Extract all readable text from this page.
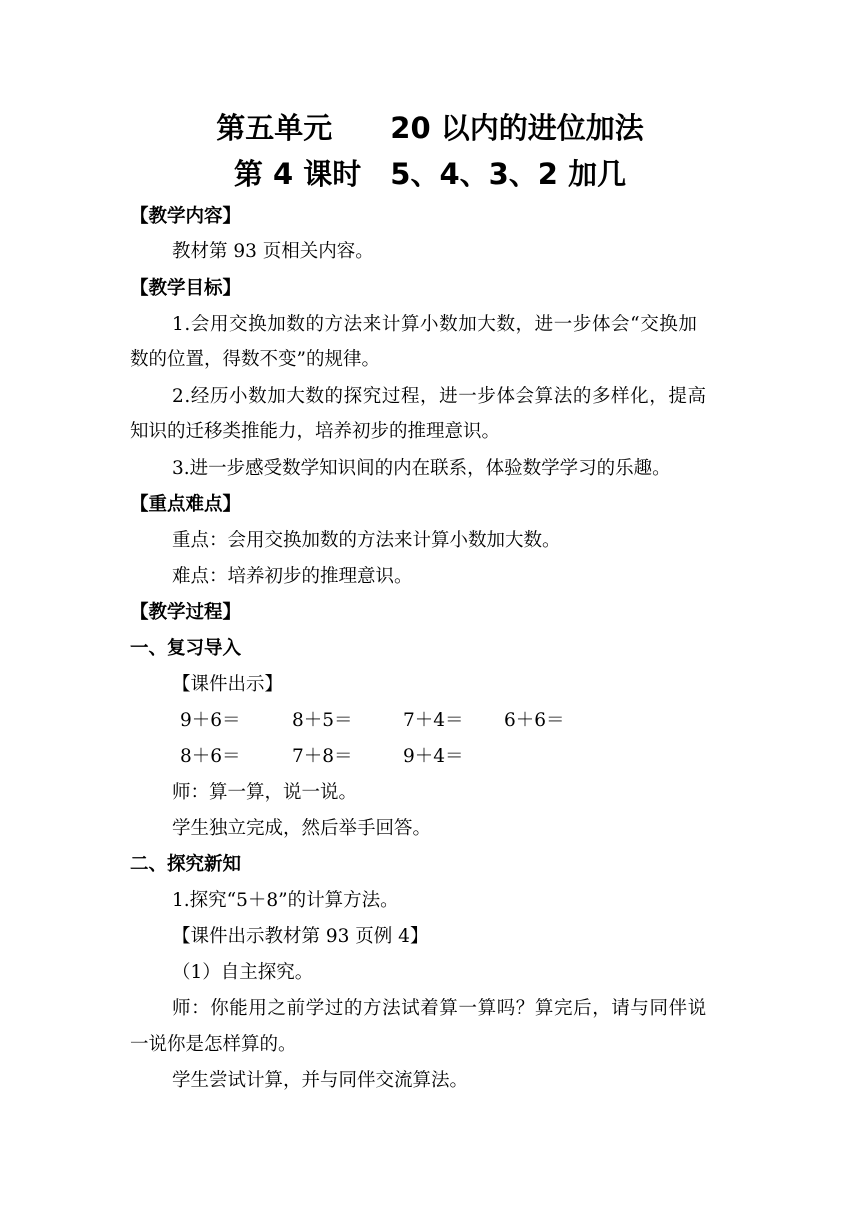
第五单元　　20 以内的进位加法
第 4 课时　5、4、3、2 加几
【教学内容】
教材第 93 页相关内容。
【教学目标】
1.会用交换加数的方法来计算小数加大数，进一步体会“交换加
数的位置，得数不变”的规律。
2.经历小数加大数的探究过程，进一步体会算法的多样化，提高
知识的迁移类推能力，培养初步的推理意识。
3.进一步感受数学知识间的内在联系，体验数学学习的乐趣。
【重点难点】
重点：会用交换加数的方法来计算小数加大数。
难点：培养初步的推理意识。
【教学过程】
一、复习导入
【课件出示】
9＋6＝	8＋5＝	7＋4＝ 6＋6＝
8＋6＝	7＋8＝	9＋4＝
师：算一算，说一说。
学生独立完成，然后举手回答。
二、探究新知
1.探究“5＋8”的计算方法。
【课件出示教材第 93 页例 4】
（1）自主探究。
师：你能用之前学过的方法试着算一算吗？算完后，请与同伴说
一说你是怎样算的。
学生尝试计算，并与同伴交流算法。
